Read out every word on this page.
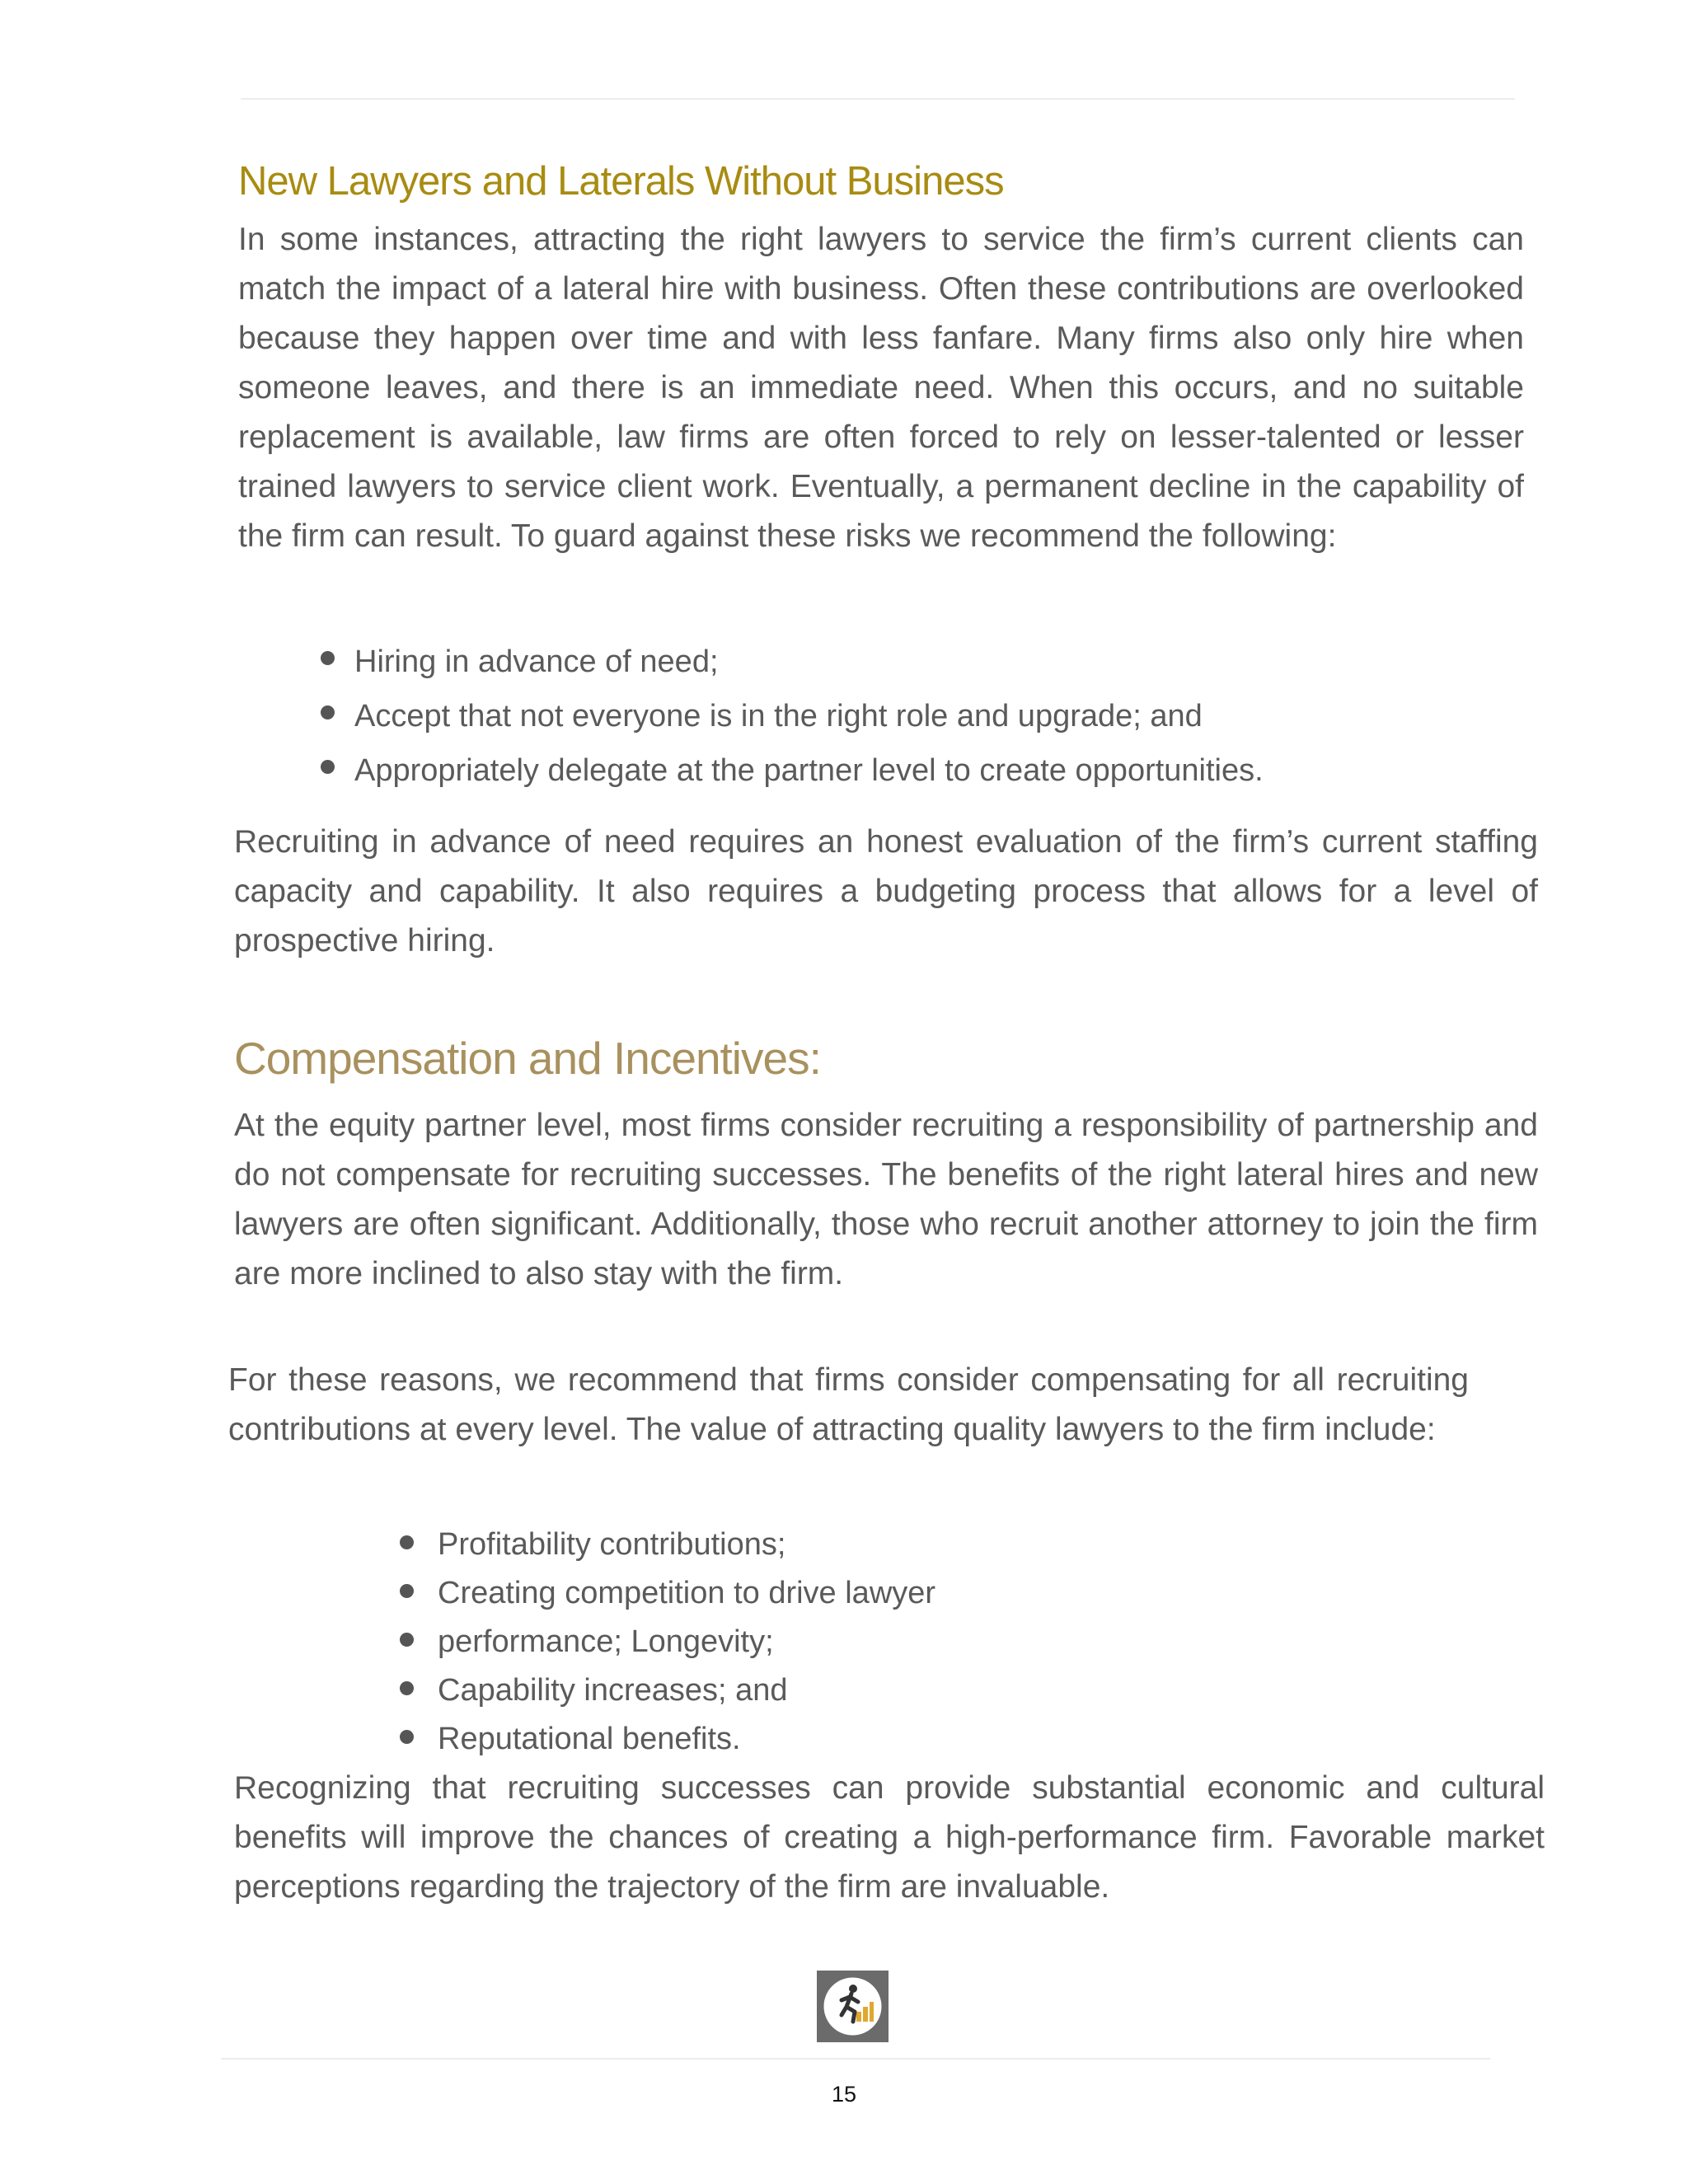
New Lawyers and Laterals Without Business

In some instances, attracting the right lawyers to service the firm’s current clients can match the impact of a lateral hire with business. Often these contributions are overlooked because they happen over time and with less fanfare. Many firms also only hire when someone leaves, and there is an immediate need. When this occurs, and no suitable replacement is available, law firms are often forced to rely on lesser-talented or lesser trained lawyers to service client work. Eventually, a permanent decline in the capability of the firm can result. To guard against these risks we recommend the following:

Hiring in advance of need;
Accept that not everyone is in the right role and upgrade; and
Appropriately delegate at the partner level to create opportunities.

Recruiting in advance of need requires an honest evaluation of the firm’s current staffing capacity and capability. It also requires a budgeting process that allows for a level of prospective hiring.

Compensation and Incentives:

At the equity partner level, most firms consider recruiting a responsibility of partnership and do not compensate for recruiting successes. The benefits of the right lateral hires and new lawyers are often significant. Additionally, those who recruit another attorney to join the firm are more inclined to also stay with the firm.

For these reasons, we recommend that firms consider compensating for all recruiting contributions at every level. The value of attracting quality lawyers to the firm include:

Profitability contributions;
Creating competition to drive lawyer
performance; Longevity;
Capability increases; and
Reputational benefits.

Recognizing that recruiting successes can provide substantial economic and cultural benefits will improve the chances of creating a high-performance firm. Favorable market perceptions regarding the trajectory of the firm are invaluable.

15
